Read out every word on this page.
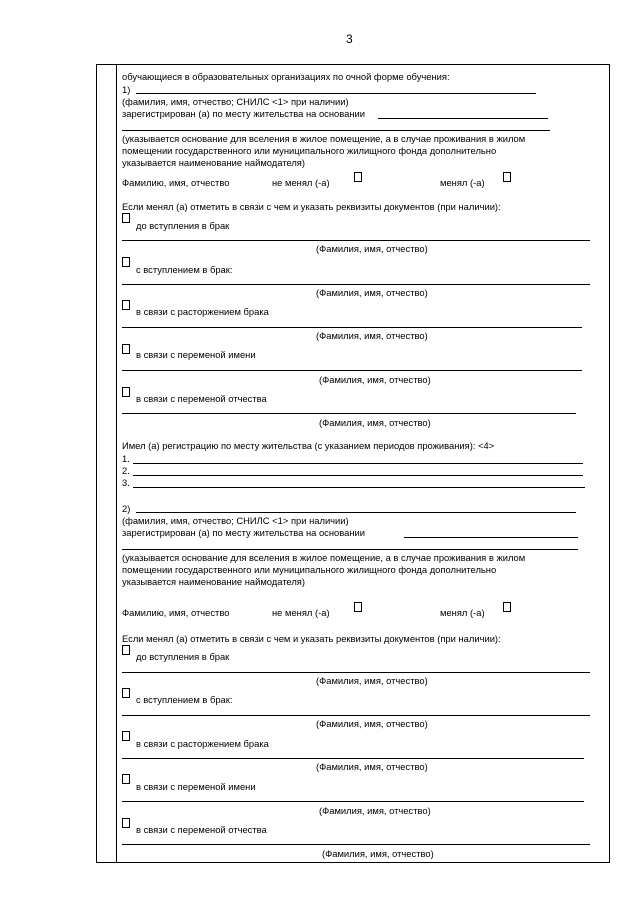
3
обучающиеся в образовательных организациях по очной форме обучения:
1)
(фамилия, имя, отчество; СНИЛС <1> при наличии)
зарегистрирован (а) по месту жительства на основании
(указывается основание для вселения в жилое помещение, а в случае проживания в жилом
помещении государственного или муниципального жилищного фонда дополнительно
указывается наименование наймодателя)
Фамилию, имя, отчество	не менял (-а)	менял (-а)
Если менял (а) отметить в связи с чем и указать реквизиты документов (при наличии):
до вступления в брак
(Фамилия, имя, отчество)
с вступлением в брак:
(Фамилия, имя, отчество)
в связи с расторжением брака
(Фамилия, имя, отчество)
в связи с переменой имени
(Фамилия, имя, отчество)
в связи с переменой отчества
(Фамилия, имя, отчество)
Имел (а) регистрацию по месту жительства (с указанием периодов проживания): <4>
1.
2.
3.
2)
(фамилия, имя, отчество; СНИЛС <1> при наличии)
зарегистрирован (а) по месту жительства на основании
(указывается основание для вселения в жилое помещение, а в случае проживания в жилом
помещении государственного или муниципального жилищного фонда дополнительно
указывается наименование наймодателя)
Фамилию, имя, отчество	не менял (-а)	менял (-а)
Если менял (а) отметить в связи с чем и указать реквизиты документов (при наличии):
до вступления в брак
(Фамилия, имя, отчество)
с вступлением в брак:
(Фамилия, имя, отчество)
в связи с расторжением брака
(Фамилия, имя, отчество)
в связи с переменой имени
(Фамилия, имя, отчество)
в связи с переменой отчества
(Фамилия, имя, отчество)
